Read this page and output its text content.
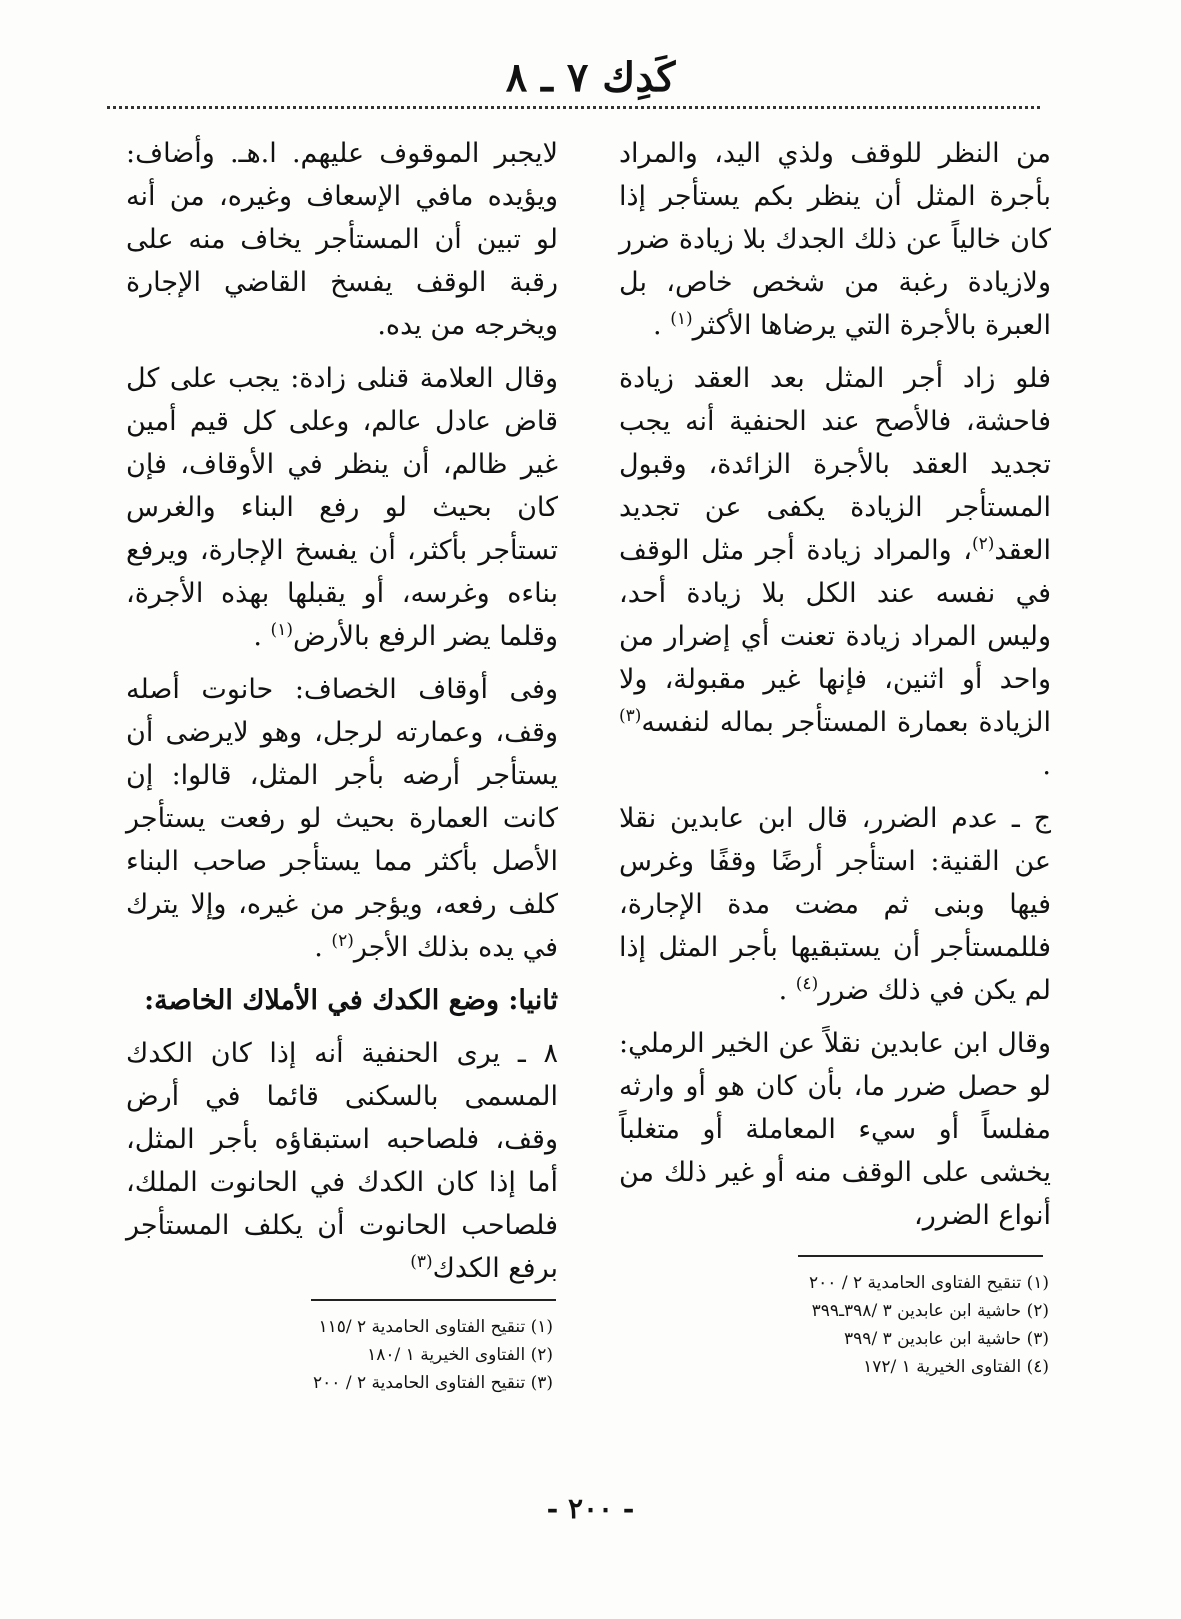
كَدِك ٧ ـ ٨

من النظر للوقف ولذي اليد، والمراد بأجرة المثل أن ينظر بكم يستأجر إذا كان خالياً عن ذلك الجدك بلا زيادة ضرر ولازيادة رغبة من شخص خاص، بل العبرة بالأجرة التي يرضاها الأكثر$^{(١)}$ .

فلو زاد أجر المثل بعد العقد زيادة فاحشة، فالأصح عند الحنفية أنه يجب تجديد العقد بالأجرة الزائدة، وقبول المستأجر الزيادة يكفى عن تجديد العقد$^{(٢)}$، والمراد زيادة أجر مثل الوقف في نفسه عند الكل بلا زيادة أحد، وليس المراد زيادة تعنت أي إضرار من واحد أو اثنين، فإنها غير مقبولة، ولا الزيادة بعمارة المستأجر بماله لنفسه$^{(٣)}$ .

ج ـ عدم الضرر، قال ابن عابدين نقلا عن القنية: استأجر أرضًا وقفًا وغرس فيها وبنى ثم مضت مدة الإجارة، فللمستأجر أن يستبقيها بأجر المثل إذا لم يكن في ذلك ضرر$^{(٤)}$ .

وقال ابن عابدين نقلاً عن الخير الرملي: لو حصل ضرر ما، بأن كان هو أو وارثه مفلساً أو سيء المعاملة أو متغلباً يخشى على الوقف منه أو غير ذلك من أنواع الضرر،

لايجبر الموقوف عليهم. ا.هـ. وأضاف: ويؤيده مافي الإسعاف وغيره، من أنه لو تبين أن المستأجر يخاف منه على رقبة الوقف يفسخ القاضي الإجارة ويخرجه من يده.

وقال العلامة قنلى زادة: يجب على كل قاض عادل عالم، وعلى كل قيم أمين غير ظالم، أن ينظر في الأوقاف، فإن كان بحيث لو رفع البناء والغرس تستأجر بأكثر، أن يفسخ الإجارة، ويرفع بناءه وغرسه، أو يقبلها بهذه الأجرة، وقلما يضر الرفع بالأرض$^{(١)}$ .

وفى أوقاف الخصاف: حانوت أصله وقف، وعمارته لرجل، وهو لايرضى أن يستأجر أرضه بأجر المثل، قالوا: إن كانت العمارة بحيث لو رفعت يستأجر الأصل بأكثر مما يستأجر صاحب البناء كلف رفعه، ويؤجر من غيره، وإلا يترك في يده بذلك الأجر$^{(٢)}$ .

ثانيا: وضع الكدك في الأملاك الخاصة:

٨ ـ يرى الحنفية أنه إذا كان الكدك المسمى بالسكنى قائما في أرض وقف، فلصاحبه استبقاؤه بأجر المثل، أما إذا كان الكدك في الحانوت الملك، فلصاحب الحانوت أن يكلف المستأجر برفع الكدك$^{(٣)}$

(١) تنقيح الفتاوى الحامدية ٢ / ٢٠٠
(٢) حاشية ابن عابدين ٣ /٣٩٨ـ٣٩٩
(٣) حاشية ابن عابدين ٣ /٣٩٩
(٤) الفتاوى الخيرية ١ /١٧٢
(١) تنقيح الفتاوى الحامدية ٢ /١١٥
(٢) الفتاوى الخيرية ١ /١٨٠
(٣) تنقيح الفتاوى الحامدية ٢ / ٢٠٠
- ٢٠٠ -
